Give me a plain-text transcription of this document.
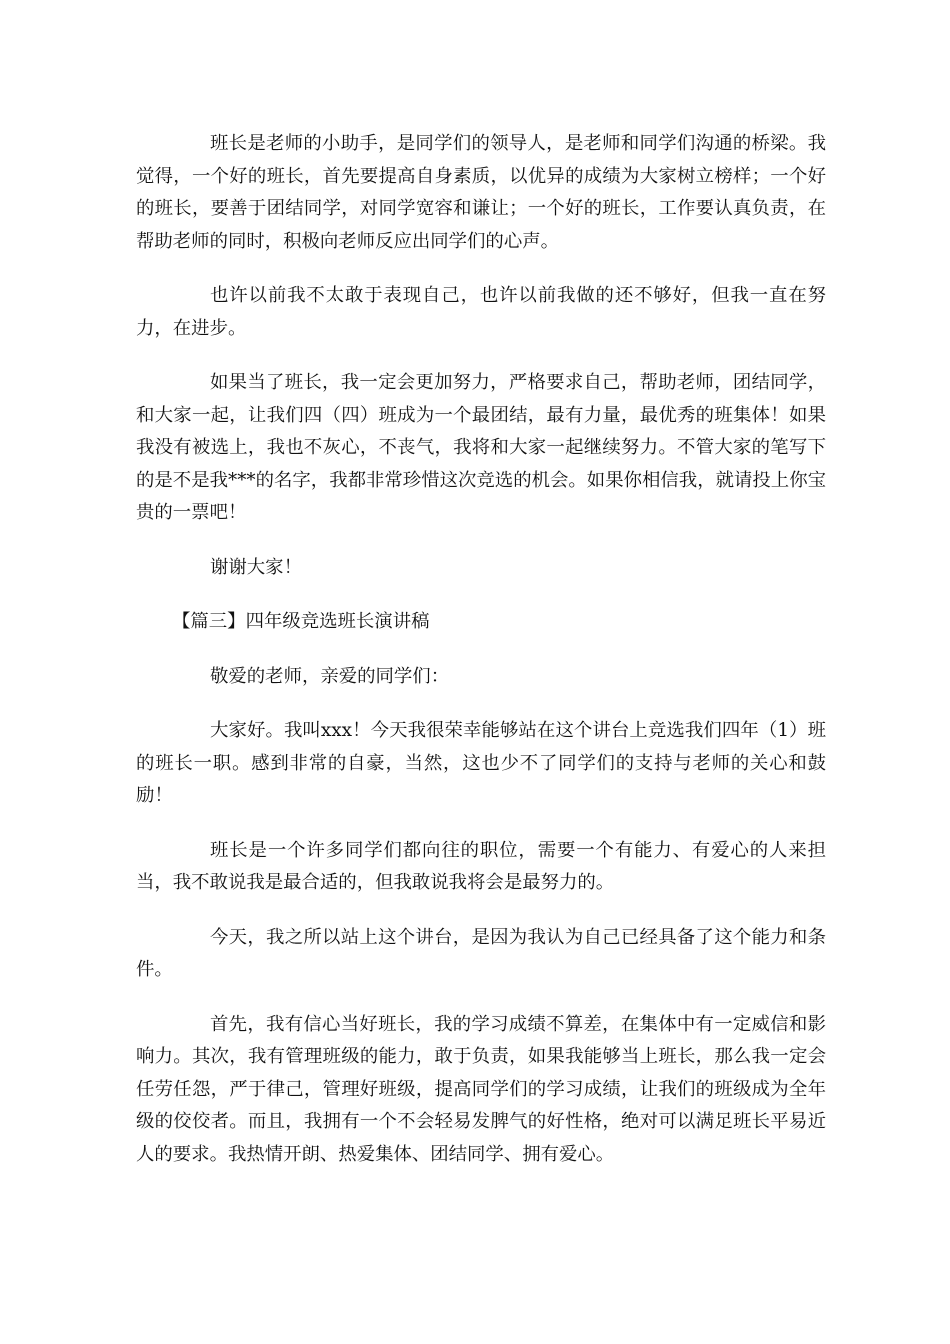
班长是老师的小助手，是同学们的领导人，是老师和同学们沟通的桥梁。我觉得，一个好的班长，首先要提高自身素质，以优异的成绩为大家树立榜样；一个好的班长，要善于团结同学，对同学宽容和谦让；一个好的班长，工作要认真负责，在帮助老师的同时，积极向老师反应出同学们的心声。

也许以前我不太敢于表现自己，也许以前我做的还不够好，但我一直在努力，在进步。

如果当了班长，我一定会更加努力，严格要求自己，帮助老师，团结同学，和大家一起，让我们四（四）班成为一个最团结，最有力量，最优秀的班集体！如果我没有被选上，我也不灰心，不丧气，我将和大家一起继续努力。不管大家的笔写下的是不是我***的名字，我都非常珍惜这次竞选的机会。如果你相信我，就请投上你宝贵的一票吧！

谢谢大家！

【篇三】四年级竞选班长演讲稿

敬爱的老师，亲爱的同学们：

大家好。我叫xxx！今天我很荣幸能够站在这个讲台上竞选我们四年（1）班的班长一职。感到非常的自豪，当然，这也少不了同学们的支持与老师的关心和鼓励！

班长是一个许多同学们都向往的职位，需要一个有能力、有爱心的人来担当，我不敢说我是最合适的，但我敢说我将会是最努力的。

今天，我之所以站上这个讲台，是因为我认为自己已经具备了这个能力和条件。

首先，我有信心当好班长，我的学习成绩不算差，在集体中有一定威信和影响力。其次，我有管理班级的能力，敢于负责，如果我能够当上班长，那么我一定会任劳任怨，严于律己，管理好班级，提高同学们的学习成绩，让我们的班级成为全年级的佼佼者。而且，我拥有一个不会轻易发脾气的好性格，绝对可以满足班长平易近人的要求。我热情开朗、热爱集体、团结同学、拥有爱心。
